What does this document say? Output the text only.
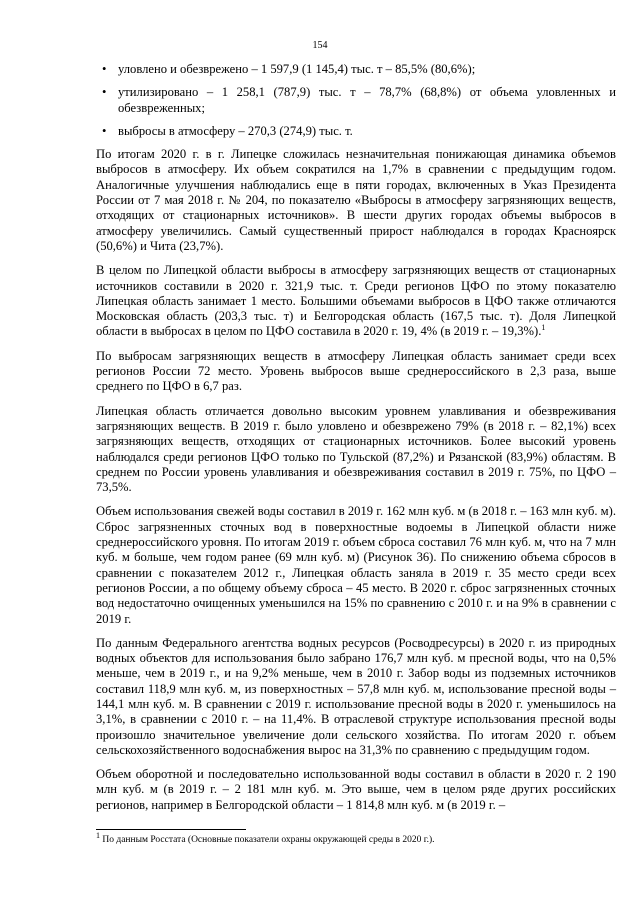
154
• уловлено и обезврежено – 1 597,9 (1 145,4) тыс. т – 85,5% (80,6%);
• утилизировано – 1 258,1 (787,9) тыс. т – 78,7% (68,8%) от объема уловленных и обезвреженных;
• выбросы в атмосферу – 270,3 (274,9) тыс. т.

По итогам 2020 г. в г. Липецке сложилась незначительная понижающая динамика объемов выбросов в атмосферу. Их объем сократился на 1,7% в сравнении с предыдущим годом. Аналогичные улучшения наблюдались еще в пяти городах, включенных в Указ Президента России от 7 мая 2018 г. № 204, по показателю «Выбросы в атмосферу загрязняющих веществ, отходящих от стационарных источников». В шести других городах объемы выбросов в атмосферу увеличились. Самый существенный прирост наблюдался в городах Красноярск (50,6%) и Чита (23,7%).

В целом по Липецкой области выбросы в атмосферу загрязняющих веществ от стационарных источников составили в 2020 г. 321,9 тыс. т. Среди регионов ЦФО по этому показателю Липецкая область занимает 1 место. Большими объемами выбросов в ЦФО также отличаются Московская область (203,3 тыс. т) и Белгородская область (167,5 тыс. т). Доля Липецкой области в выбросах в целом по ЦФО составила в 2020 г. 19, 4% (в 2019 г. – 19,3%).$^1$

По выбросам загрязняющих веществ в атмосферу Липецкая область занимает среди всех регионов России 72 место. Уровень выбросов выше среднероссийского в 2,3 раза, выше среднего по ЦФО в 6,7 раз.

Липецкая область отличается довольно высоким уровнем улавливания и обезвреживания загрязняющих веществ. В 2019 г. было уловлено и обезврежено 79% (в 2018 г. – 82,1%) всех загрязняющих веществ, отходящих от стационарных источников. Более высокий уровень наблюдался среди регионов ЦФО только по Тульской (87,2%) и Рязанской (83,9%) областям. В среднем по России уровень улавливания и обезвреживания составил в 2019 г. 75%, по ЦФО – 73,5%.

Объем использования свежей воды составил в 2019 г. 162 млн куб. м (в 2018 г. – 163 млн куб. м). Сброс загрязненных сточных вод в поверхностные водоемы в Липецкой области ниже среднероссийского уровня. По итогам 2019 г. объем сброса составил 76 млн куб. м, что на 7 млн куб. м больше, чем годом ранее (69 млн куб. м) (Рисунок 36). По снижению объема сбросов в сравнении с показателем 2012 г., Липецкая область заняла в 2019 г. 35 место среди всех регионов России, а по общему объему сброса – 45 место. В 2020 г. сброс загрязненных сточных вод недостаточно очищенных уменьшился на 15% по сравнению с 2010 г. и на 9% в сравнении с 2019 г.

По данным Федерального агентства водных ресурсов (Росводресурсы) в 2020 г. из природных водных объектов для использования было забрано 176,7 млн куб. м пресной воды, что на 0,5% меньше, чем в 2019 г., и на 9,2% меньше, чем в 2010 г. Забор воды из подземных источников составил 118,9 млн куб. м, из поверхностных – 57,8 млн куб. м, использование пресной воды – 144,1 млн куб. м. В сравнении с 2019 г. использование пресной воды в 2020 г. уменьшилось на 3,1%, в сравнении с 2010 г. – на 11,4%. В отраслевой структуре использования пресной воды произошло значительное увеличение доли сельского хозяйства. По итогам 2020 г. объем сельскохозяйственного водоснабжения вырос на 31,3% по сравнению с предыдущим годом.

Объем оборотной и последовательно использованной воды составил в области в 2020 г. 2 190 млн куб. м (в 2019 г. – 2 181 млн куб. м. Это выше, чем в целом ряде других российских регионов, например в Белгородской области – 1 814,8 млн куб. м (в 2019 г. –

$^1$ По данным Росстата (Основные показатели охраны окружающей среды в 2020 г.).
